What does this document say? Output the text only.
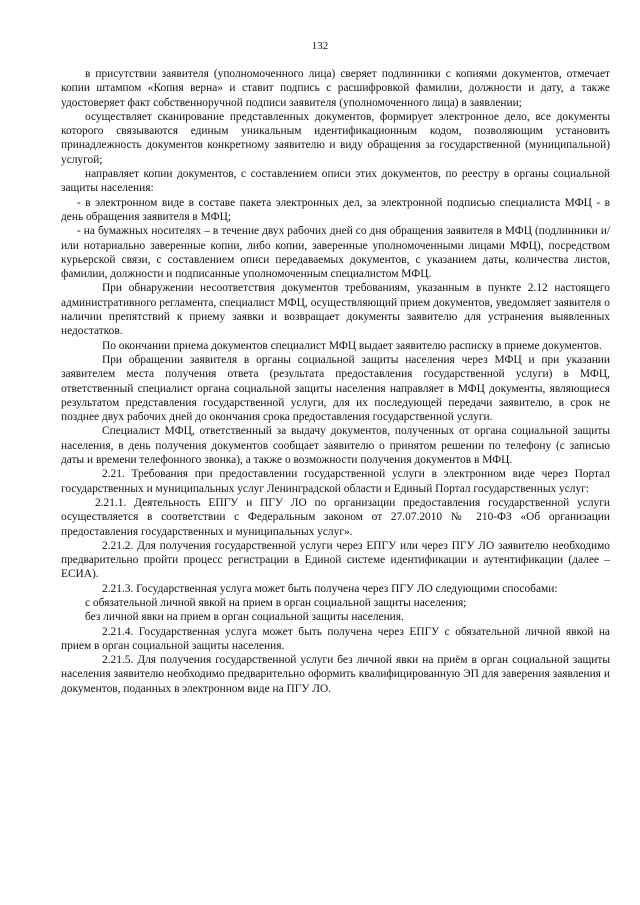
132

в присутствии заявителя (уполномоченного лица) сверяет подлинники с копиями документов, отмечает копии штампом «Копия верна» и ставит подпись с расшифровкой фамилии, должности и дату, а также удостоверяет факт собственноручной подписи заявителя (уполномоченного лица) в заявлении;

осуществляет сканирование представленных документов, формирует электронное дело, все документы которого связываются единым уникальным идентификационным кодом, позволяющим установить принадлежность документов конкретному заявителю и виду обращения за государственной (муниципальной) услугой;

направляет копии документов, с составлением описи этих документов, по реестру в органы социальной защиты населения:

- в электронном виде в составе пакета электронных дел, за электронной подписью специалиста МФЦ - в день обращения заявителя в МФЦ;

- на бумажных носителях – в течение двух рабочих дней со дня обращения заявителя в МФЦ (подлинники и/или нотариально заверенные копии, либо копии, заверенные уполномоченными лицами МФЦ), посредством курьерской связи, с составлением описи передаваемых документов, с указанием даты, количества листов, фамилии, должности и подписанные уполномоченным специалистом МФЦ.

При обнаружении несоответствия документов требованиям, указанным в пункте 2.12 настоящего административного регламента, специалист МФЦ, осуществляющий прием документов, уведомляет заявителя о наличии препятствий к приему заявки и возвращает документы заявителю для устранения выявленных недостатков.

По окончании приема документов специалист МФЦ выдает заявителю расписку в приеме документов.

При обращении заявителя в органы социальной защиты населения через МФЦ и при указании заявителем места получения ответа (результата предоставления государственной услуги) в МФЦ, ответственный специалист органа социальной защиты населения направляет в МФЦ документы, являющиеся результатом представления государственной услуги, для их последующей передачи заявителю, в срок не позднее двух рабочих дней до окончания срока предоставления государственной услуги.

Специалист МФЦ, ответственный за выдачу документов, полученных от органа социальной защиты населения, в день получения документов сообщает заявителю о принятом решении по телефону (с записью даты и времени телефонного звонка), а также о возможности получения документов в МФЦ.

2.21. Требования при предоставлении государственной услуги в электронном виде через Портал государственных и муниципальных услуг Ленинградской области и Единый Портал государственных услуг:

2.21.1. Деятельность ЕПГУ и ПГУ ЛО по организации предоставления государственной услуги осуществляется в соответствии с Федеральным законом от 27.07.2010 № 210-ФЗ «Об организации предоставления государственных и муниципальных услуг».

2.21.2. Для получения государственной услуги через ЕПГУ или через ПГУ ЛО заявителю необходимо предварительно пройти процесс регистрации в Единой системе идентификации и аутентификации (далее – ЕСИА).

2.21.3. Государственная услуга может быть получена через ПГУ ЛО следующими способами:

с обязательной личной явкой на прием в орган социальной защиты населения;

без личной явки на прием в орган социальной защиты населения.

2.21.4. Государственная услуга может быть получена через ЕПГУ с обязательной личной явкой на прием в орган социальной защиты населения.

2.21.5. Для получения государственной услуги без личной явки на приём в орган социальной защиты населения заявителю необходимо предварительно оформить квалифицированную ЭП для заверения заявления и документов, поданных в электронном виде на ПГУ ЛО.
